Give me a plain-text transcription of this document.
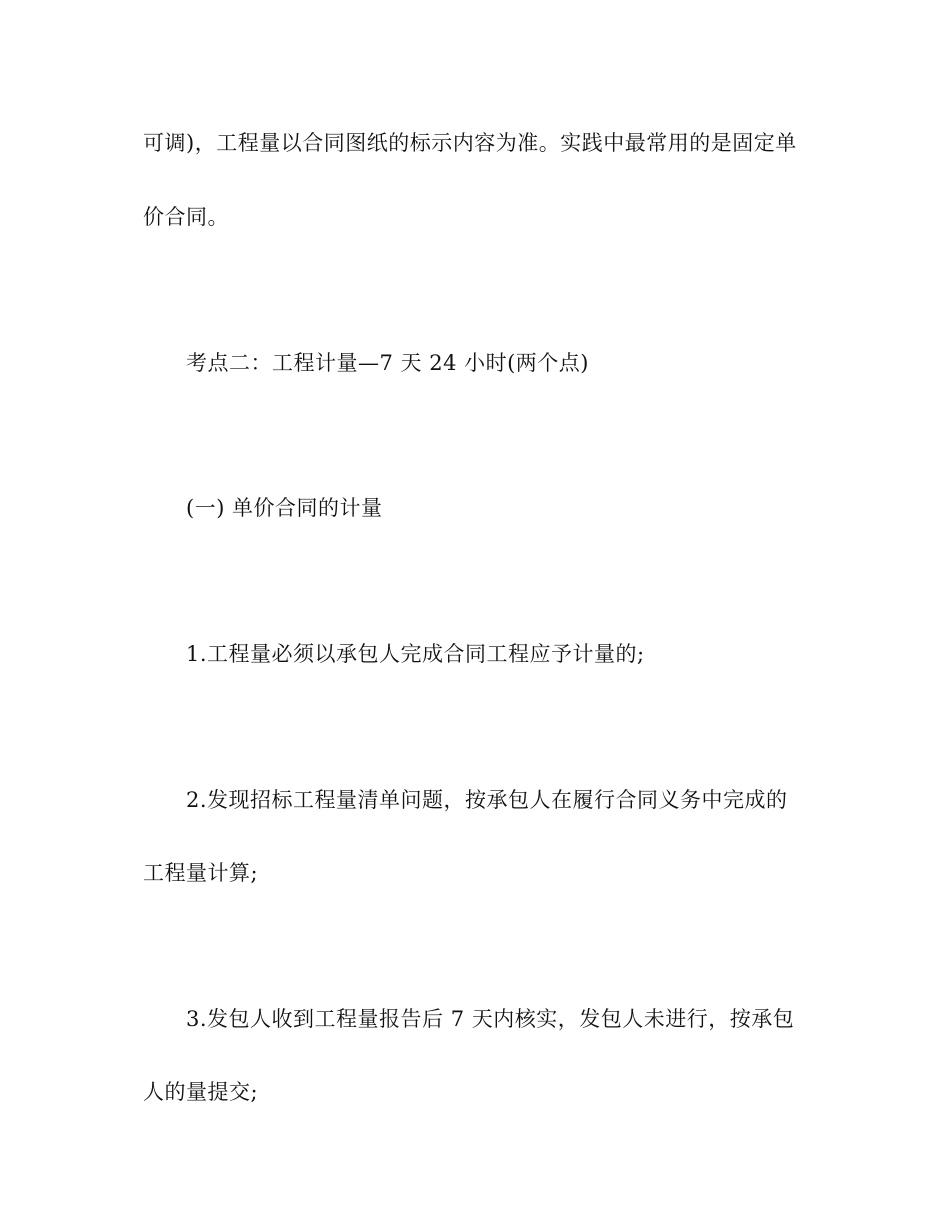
可调)，工程量以合同图纸的标示内容为准。实践中最常用的是固定单
价合同。
考点二：工程计量—7 天 24 小时(两个点)
(一) 单价合同的计量
1.工程量必须以承包人完成合同工程应予计量的;
2.发现招标工程量清单问题，按承包人在履行合同义务中完成的
工程量计算;
3.发包人收到工程量报告后 7 天内核实，发包人未进行，按承包
人的量提交;
